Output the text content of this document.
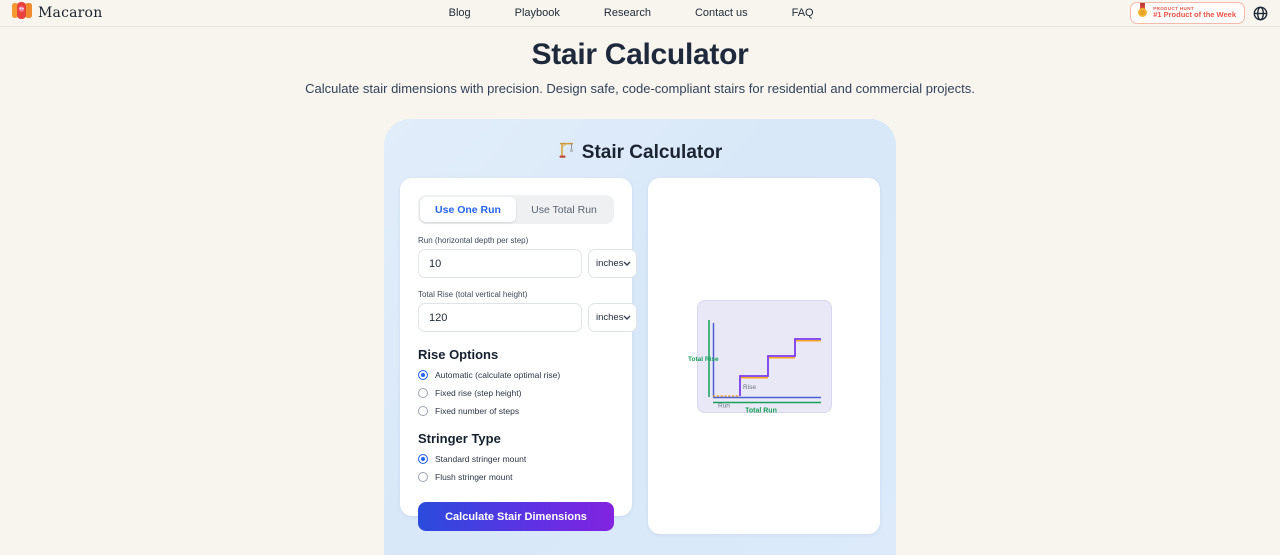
Macaron	Blog	Playbook	Research	Contact us	FAQ	PRODUCT HUNT
#1 Product of the Week
Stair Calculator

Calculate stair dimensions with precision. Design safe, code-compliant stairs for residential and commercial projects.

Stair Calculator
Use One Run	Use Total Run
Run (horizontal depth per step)
10
inches
Total Rise (total vertical height)
120
inches
Rise Options
Automatic (calculate optimal rise)
Fixed rise (step height)
Fixed number of steps
Stringer Type
Standard stringer mount
Flush stringer mount
Calculate Stair Dimensions
Total Rise
Rise
Run
Total Run
